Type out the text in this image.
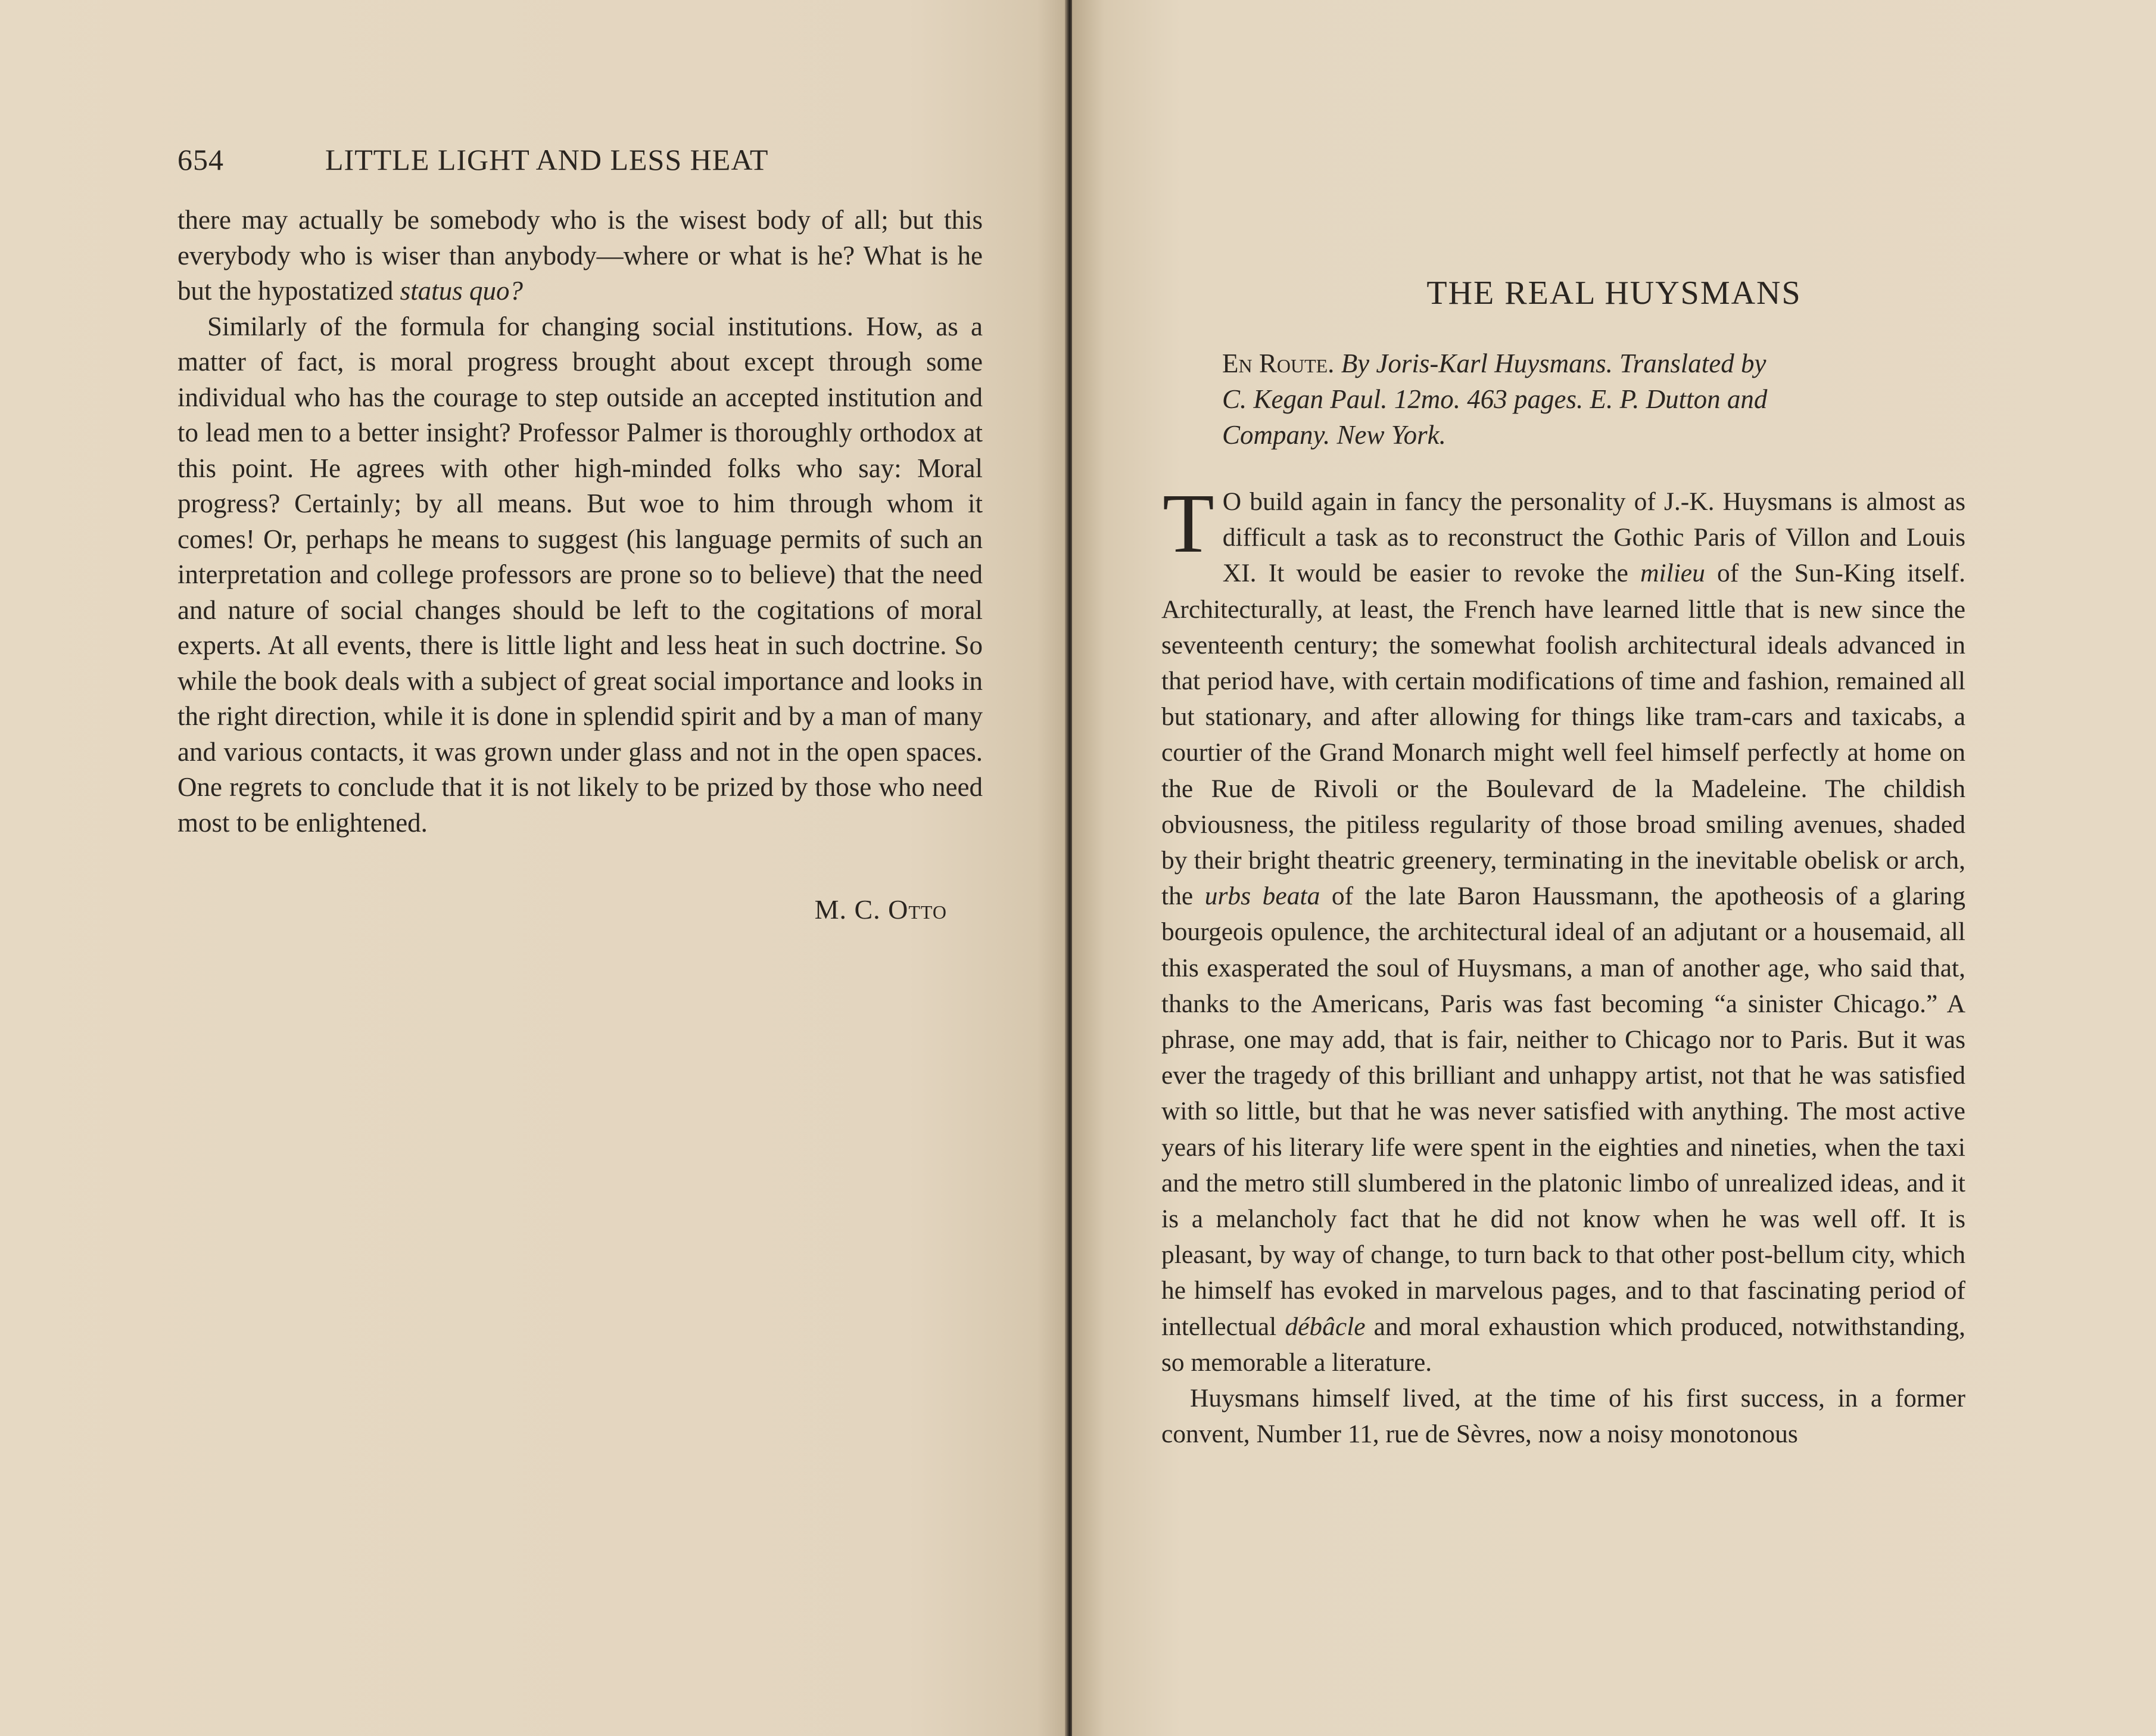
654	LITTLE LIGHT AND LESS HEAT

there may actually be somebody who is the wisest body of all; but this everybody who is wiser than anybody—where or what is he? What is he but the hypostatized status quo?

Similarly of the formula for changing social institutions. How, as a matter of fact, is moral progress brought about except through some individual who has the courage to step outside an accepted institution and to lead men to a better insight? Professor Palmer is thoroughly orthodox at this point. He agrees with other high-minded folks who say: Moral progress? Certainly; by all means. But woe to him through whom it comes! Or, perhaps he means to suggest (his language permits of such an interpretation and college professors are prone so to believe) that the need and nature of social changes should be left to the cogitations of moral experts. At all events, there is little light and less heat in such doctrine. So while the book deals with a subject of great social importance and looks in the right direction, while it is done in splendid spirit and by a man of many and various contacts, it was grown under glass and not in the open spaces. One regrets to conclude that it is not likely to be prized by those who need most to be enlightened.

M. C. Otto
THE REAL HUYSMANS
En Route. By Joris-Karl Huysmans. Translated by
C. Kegan Paul. 12mo. 463 pages. E. P. Dutton and
Company. New York.

T O build again in fancy the personality of J.-K. Huysmans is almost as difficult a task as to reconstruct the Gothic Paris of Villon and Louis XI. It would be easier to revoke the milieu of the Sun-King itself. Architecturally, at least, the French have learned little that is new since the seventeenth century; the somewhat foolish architectural ideals advanced in that period have, with certain modifications of time and fashion, remained all but stationary, and after allowing for things like tram-cars and taxicabs, a courtier of the Grand Monarch might well feel himself perfectly at home on the Rue de Rivoli or the Boulevard de la Madeleine. The childish obviousness, the pitiless regularity of those broad smiling avenues, shaded by their bright theatric greenery, terminating in the inevitable obelisk or arch, the urbs beata of the late Baron Haussmann, the apotheosis of a glaring bourgeois opulence, the architectural ideal of an adjutant or a housemaid, all this exasperated the soul of Huysmans, a man of another age, who said that, thanks to the Americans, Paris was fast becoming “a sinister Chicago.” A phrase, one may add, that is fair, neither to Chicago nor to Paris. But it was ever the tragedy of this brilliant and unhappy artist, not that he was satisfied with so little, but that he was never satisfied with anything. The most active years of his literary life were spent in the eighties and nineties, when the taxi and the metro still slumbered in the platonic limbo of unrealized ideas, and it is a melancholy fact that he did not know when he was well off. It is pleasant, by way of change, to turn back to that other post-bellum city, which he himself has evoked in marvelous pages, and to that fascinating period of intellectual débâcle and moral exhaustion which produced, notwithstanding, so memorable a literature.

Huysmans himself lived, at the time of his first success, in a former convent, Number 11, rue de Sèvres, now a noisy monotonous
